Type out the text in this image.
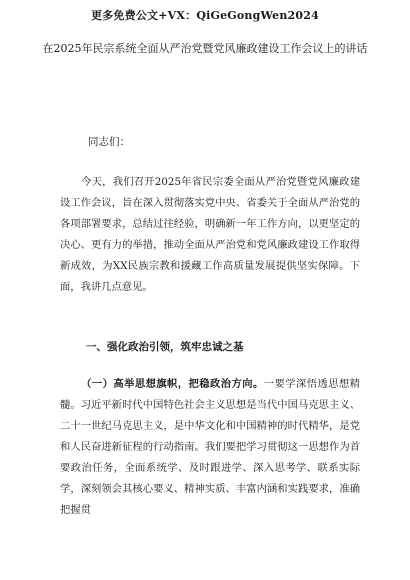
更多免费公文+VX：QiGeGongWen2024
在2025年民宗系统全面从严治党暨党风廉政建设工作会议上的讲话
同志们：
今天，我们召开2025年省民宗委全面从严治党暨党风廉政建设工作会议，旨在深入贯彻落实党中央、省委关于全面从严治党的各项部署要求，总结过往经验，明确新一年工作方向，以更坚定的决心、更有力的举措，推动全面从严治党和党风廉政建设工作取得新成效，为XX民族宗教和援藏工作高质量发展提供坚实保障。下面，我讲几点意见。
一、强化政治引领，筑牢忠诚之基
（一）高举思想旗帜，把稳政治方向。一要学深悟透思想精髓。习近平新时代中国特色社会主义思想是当代中国马克思主义、二十一世纪马克思主义，是中华文化和中国精神的时代精华，是党和人民奋进新征程的行动指南。我们要把学习贯彻这一思想作为首要政治任务，全面系统学、及时跟进学、深入思考学、联系实际学，深刻领会其核心要义、精神实质、丰富内涵和实践要求，准确把握贯
